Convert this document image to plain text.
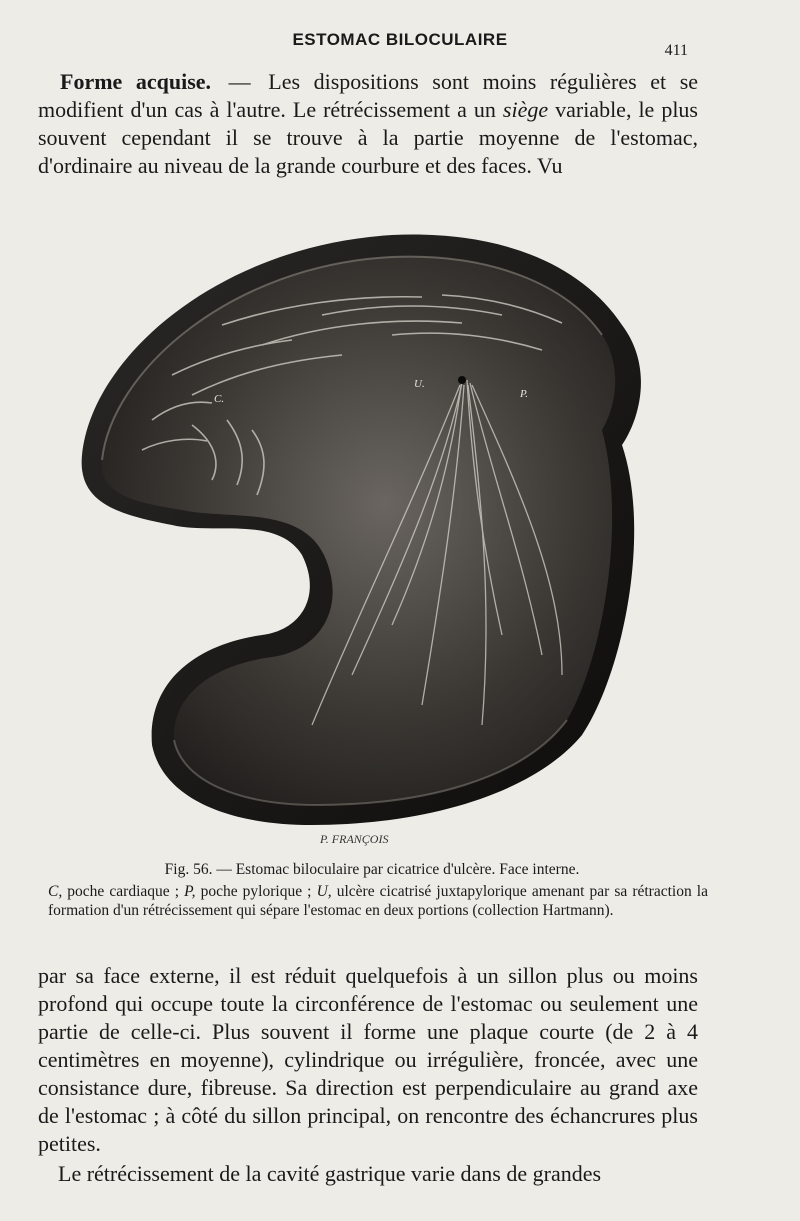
ESTOMAC BILOCULAIRE
411
Forme acquise. — Les dispositions sont moins régulières et se modifient d'un cas à l'autre. Le rétrécissement a un siège variable, le plus souvent cependant il se trouve à la partie moyenne de l'estomac, d'ordinaire au niveau de la grande courbure et des faces. Vu
C.
U.
P.
P. FRANÇOIS
Fig. 56. — Estomac biloculaire par cicatrice d'ulcère. Face interne.
C, poche cardiaque ; P, poche pylorique ; U, ulcère cicatrisé juxtapylorique amenant par sa rétraction la formation d'un rétrécissement qui sépare l'estomac en deux portions (collection Hartmann).
par sa face externe, il est réduit quelquefois à un sillon plus ou moins profond qui occupe toute la circonférence de l'estomac ou seulement une partie de celle-ci. Plus souvent il forme une plaque courte (de 2 à 4 centimètres en moyenne), cylindrique ou irrégulière, froncée, avec une consistance dure, fibreuse. Sa direction est perpendiculaire au grand axe de l'estomac ; à côté du sillon principal, on rencontre des échancrures plus petites.
Le rétrécissement de la cavité gastrique varie dans de grandes
